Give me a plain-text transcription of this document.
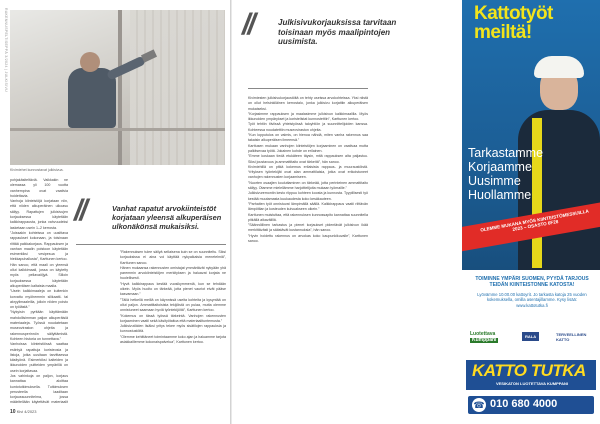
RAKENNUSPELTISEPPÄ 3/2024 | JULKISIVU
Kivimiehet kunnostavat julkisivua.
//	Julkisivukorjauksissa tarvitaan toisinaan myös maalipintojen uusimista.

pohjakäsiteltäviä. Vaikkakin ne olemassa yli 100 vuotta vanhempina ovat vaativia hoidettavia.

Vanhoja kiinteistöjä korjataan niin, että niiden alkuperäinen ulkoasu säilyy. Rapattujen julkisivujen korjauksessa käytetään kalkkirappausta, jonka vahvuudeksi lasketaan usein 1–2 kerrosta.

”Joissakin kohteissa on uusittava rappaukset kokonaan, ja toisinaan riittää paikkakorjaus. Rappauksen ja vanhan maalin poistoon käytetään esimerkiksi vesipesua ja hiekkapuhallusta”, Karttunen kertoo.

Hän sanoo, että maali on yleensä ollut kalkkimaali, jossa on käytetty myös pellavaöljyä. Silloin korjauksessa käytetään alkuperäisen kaltaista maalia.

”Usein kalkkimaaleja on kuitenkin korvattu myöhemmin silikaatti- tai akryylimaaleilla, jolloin niiden poisto on työlästä.”

”Nykyisin pyritään käyttämään mahdollisimman paljon alkuperäisiä materiaaleja. Työssä noudatetaan museoviraston ohjeita ja rakennusperinnön säilyttämistä. Kohteen historia on tunnettava.”

Vanhoissa kiinteistöissä saattaa esiintyä rapattuja koristeosia ja listoja, jotka uusitaan tarvittaessa käsityönä. Esimerkiksi kaiteiden ja ikkunoiden puitteiden ympärillä on usein korjattavaa.

Jos vahinkoja on paljon, korjaus kannattaa aloittaa kuntotutkimuksella. Tutkimuksen perusteella laaditaan korjaussuunnitelma, jossa määritellään käytettävät materiaalit

//	Vanhat rapatut arvokiinteistöt korjataan yleensä alkuperäisen ulkonäkönsä mukaisiksi.

”Rakennuksen tulee säilyä sellaisena kuin se on suunniteltu. Siksi korjauksissa ei aina voi käyttää nykyaikaisia menetelmiä”, Karttunen sanoo.

Hänen mukaansa rakennusten omistajat ymmärtävät nykyään yhä paremmin arvokiinteistöjen merkityksen ja haluavat korjata ne huolellisesti.

”Hyvä kalkkirappaus kestää vuosikymmeniä, kun se tehdään oikein. Myös huolto on tärkeää, jotta pienet vauriot eivät pääse kasvamaan.”

”Tällä hetkellä meillä on käynnissä useita kohteita ja kysyntää on ollut paljon. Ammattitaitoisista tekijöistä on pulaa, mutta olemme onnistuneet saamaan hyviä työntekijöitä”, Karttunen kertoo.

”Kokemus on tässä työssä tärkeintä. Vanhojen rakennusten korjaaminen vaatii sekä käsityötaitoa että materiaalituntemusta.”

Julkisivutöiden lisäksi yritys tekee myös sisätilojen rappauksia ja kunnostustöitä.

”Olemme kehittäneet toimintaamme koko ajan ja haluamme tarjota asiakkaillemme kokonaispalvelua”, Karttunen kertoo.

Kivimiesten julkisivukorjaustöitä on tehty useissa arvokohteissa. Yksi niistä on ollut helsinkiläinen kerrostalo, jonka julkisivu korjattiin alkuperäisen mukaiseksi.

”Korjasimme rappauksen ja maalasimme julkisivun kalkkimaalilla. Myös ikkunoiden ympärykset ja koristelistat kunnostettiin”, Karttunen kertoo.

Työt tehtiin tiiviissä yhteistyössä taloyhtiön ja suunnittelijoiden kanssa. Kohteessa noudatettiin museoviraston ohjeita.

”Kun lopputulos on valmis, on hienoa nähdä, miten vanha rakennus saa takaisin alkuperäisen ilmeensä.”

Karttusen mukaan vanhojen kiinteistöjen korjaaminen on vaativaa mutta palkitsevaa työtä. Jokainen kohde on erilainen.

”Emme koskaan tiedä etukäteen täysin, mitä rappauksen alta paljastuu. Siksi joustavuus ja ammattitaito ovat tärkeitä”, hän sanoo.

Kivimiehillä on pitkä kokemus erilaisista rappaus- ja muuraustöistä. Yrityksen työntekijät ovat alan ammattilaisia, jotka ovat erikoistuneet vanhojen rakennusten korjaamiseen.

”Nuorten osaajien kouluttaminen on tärkeää, jotta perinteinen ammattitaito säilyy. Otamme mielellämme harjoittelijoita mukaan työmaille.”

Julkisivuremontin kesto riippuu kohteen koosta ja kunnosta. Tyypillisesti työ kestää muutamasta kuukaudesta koko kesäkauteen.

”Parhaiten työt onnistuvat lämpimällä säällä. Kalkkirappaus vaatii riittävän lämpötilan ja kosteuden kuivuakseen oikein.”

Karttunen muistuttaa, että rakennuksen kunnossapito kannattaa suunnitella pitkällä aikavälillä.

”Säännöllinen tarkastus ja pienet korjaukset pidentävät julkisivun ikää merkittävästi ja säästävät kustannuksia”, hän sanoo.

”Hyvin hoidettu rakennus on arvokas koko kaupunkikuvalle”, Karttunen sanoo.

10 Kivi 4/2023
Kattotyöt
meiltä!
Tarkastamme
Korjaamme
Uusimme
Huollamme
OLEMME MUKANA MYÖS KIINTEISTÖMESSUILLA 2023 – OSASTO 6F28
TOIMINNE YMPÄRI SUOMEN, PYYDÄ TARJOUS TEIDÄN KIINTEISTONNE KATOSTA!
Lyövämme 10.00.00 kattoyrit. Jo tarkasta katoja 25 vuoden kokemuksella, omilla asentajillamme. Kysy lisää: www.kattotutka.fi
Luotettava
Kumppani	RALA	TERVEELLINEN KATTO
KATTO TUTKA
VESIKATON LUOTETTAVA KUMPPANI
☎ 010 680 4000
